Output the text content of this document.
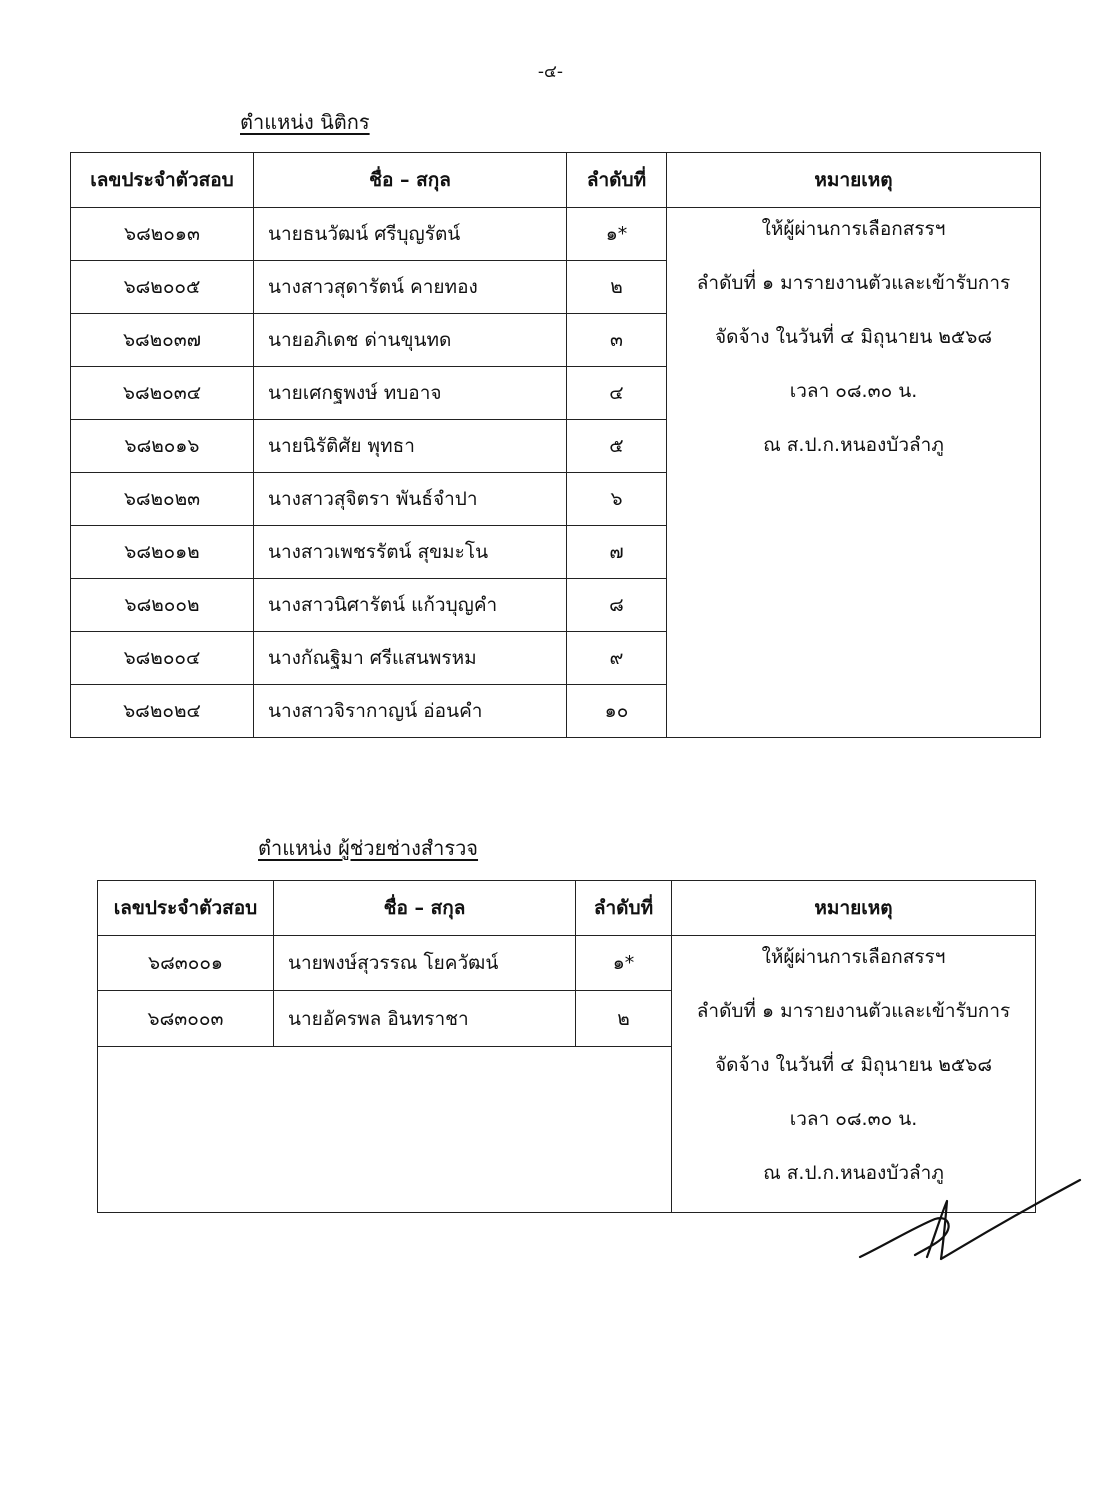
-๔-
ตำแหน่ง นิติกร
เลขประจำตัวสอบ	ชื่อ – สกุล	ลำดับที่	หมายเหตุ
๖๘๒๐๑๓	นายธนวัฒน์ ศรีบุญรัตน์	๑*	ให้ผู้ผ่านการเลือกสรรฯ
ลำดับที่ ๑ มารายงานตัวและเข้ารับการ
จัดจ้าง ในวันที่ ๔ มิถุนายน ๒๕๖๘
เวลา ๐๘.๓๐ น.
ณ ส.ป.ก.หนองบัวลำภู

๖๘๒๐๐๕	นางสาวสุดารัตน์ คายทอง	๒	
๖๘๒๐๓๗	นายอภิเดช ด่านขุนทด	๓	
๖๘๒๐๓๔	นายเศกฐพงษ์ ทบอาจ	๔	
๖๘๒๐๑๖	นายนิรัติศัย พุทธา	๕	
๖๘๒๐๒๓	นางสาวสุจิตรา พันธ์จำปา	๖	
๖๘๒๐๑๒	นางสาวเพชรรัตน์ สุขมะโน	๗	
๖๘๒๐๐๒	นางสาวนิศารัตน์ แก้วบุญคำ	๘	
๖๘๒๐๐๔	นางกัณฐิมา ศรีแสนพรหม	๙	
๖๘๒๐๒๔	นางสาวจิรากาญน์ อ่อนคำ	๑๐	
ตำแหน่ง ผู้ช่วยช่างสำรวจ
เลขประจำตัวสอบ	ชื่อ – สกุล	ลำดับที่	หมายเหตุ
๖๘๓๐๐๑	นายพงษ์สุวรรณ โยควัฒน์	๑*	ให้ผู้ผ่านการเลือกสรรฯ
ลำดับที่ ๑ มารายงานตัวและเข้ารับการ
จัดจ้าง ในวันที่ ๔ มิถุนายน ๒๕๖๘
เวลา ๐๘.๓๐ น.
ณ ส.ป.ก.หนองบัวลำภู

๖๘๓๐๐๓	นายอัครพล อินทราชา	๒	
